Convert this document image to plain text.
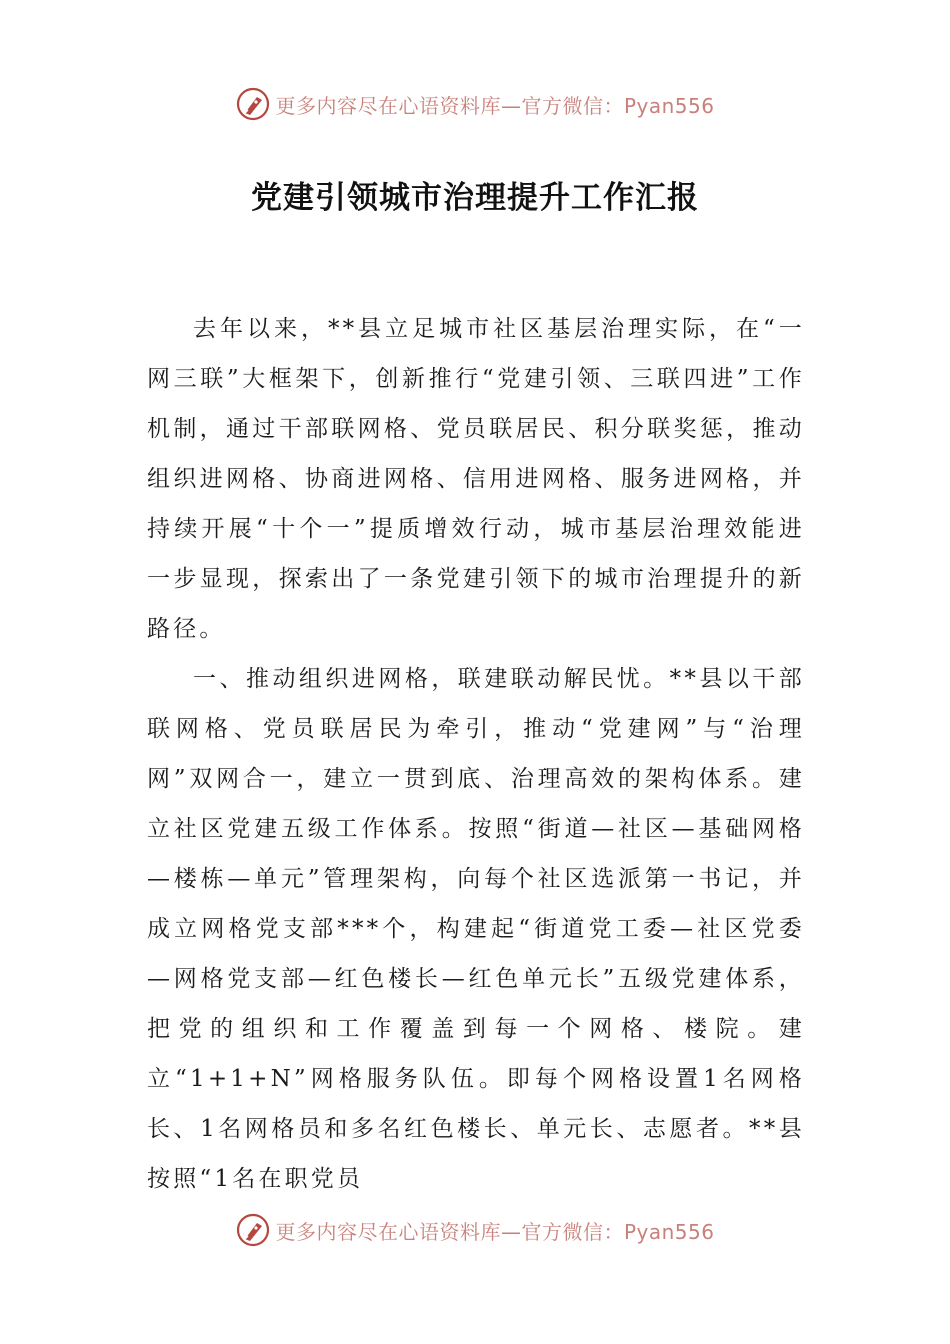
更多内容尽在心语资料库—官方微信：Pyan556
党建引领城市治理提升工作汇报

去年以来，**县立足城市社区基层治理实际，在“一网三联”大框架下，创新推行“党建引领、三联四进”工作机制，通过干部联网格、党员联居民、积分联奖惩，推动组织进网格、协商进网格、信用进网格、服务进网格，并持续开展“十个一”提质增效行动，城市基层治理效能进一步显现，探索出了一条党建引领下的城市治理提升的新路径。

一、推动组织进网格，联建联动解民忧。**县以干部联网格、党员联居民为牵引，推动“党建网”与“治理网”双网合一，建立一贯到底、治理高效的架构体系。建立社区党建五级工作体系。按照“街道—社区—基础网格—楼栋—单元”管理架构，向每个社区选派第一书记，并成立网格党支部***个，构建起“街道党工委—社区党委—网格党支部—红色楼长—红色单元长”五级党建体系，把党的组织和工作覆盖到每一个网格、楼院。建立“1+1+N”网格服务队伍。即每个网格设置1名网格长、1名网格员和多名红色楼长、单元长、志愿者。**县按照“1名在职党员

更多内容尽在心语资料库—官方微信：Pyan556
